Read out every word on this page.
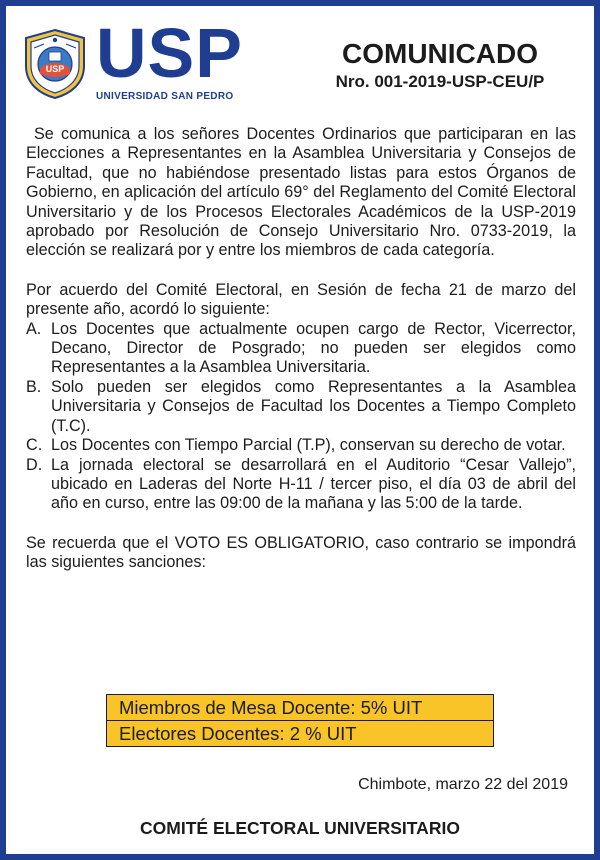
USP USP
UNIVERSIDAD SAN PEDRO
COMUNICADO
Nro. 001-2019-USP-CEU/P

Se comunica a los señores Docentes Ordinarios que participaran en las Elecciones a Representantes en la Asamblea Universitaria y Consejos de Facultad, que no habiéndose presentado listas para estos Órganos de Gobierno, en aplicación del artículo 69° del Reglamento del Comité Electoral Universitario y de los Procesos Electorales Académicos de la USP-2019 aprobado por Resolución de Consejo Universitario Nro. 0733-2019, la elección se realizará por y entre los miembros de cada categoría.

Por acuerdo del Comité Electoral, en Sesión de fecha 21 de marzo del presente año, acordó lo siguiente:

A. Los Docentes que actualmente ocupen cargo de Rector, Vicerrector, Decano, Director de Posgrado; no pueden ser elegidos como Representantes a la Asamblea Universitaria.
B. Solo pueden ser elegidos como Representantes a la Asamblea Universitaria y Consejos de Facultad los Docentes a Tiempo Completo (T.C).
C. Los Docentes con Tiempo Parcial (T.P), conservan su derecho de votar.
D. La jornada electoral se desarrollará en el Auditorio “Cesar Vallejo”, ubicado en Laderas del Norte H-11 / tercer piso, el día 03 de abril del año en curso, entre las 09:00 de la mañana y las 5:00 de la tarde.

Se recuerda que el VOTO ES OBLIGATORIO, caso contrario se impondrá las siguientes sanciones:

Miembros de Mesa Docente: 5% UIT
Electores Docentes: 2 % UIT
Chimbote, marzo 22 del 2019
COMITÉ ELECTORAL UNIVERSITARIO
